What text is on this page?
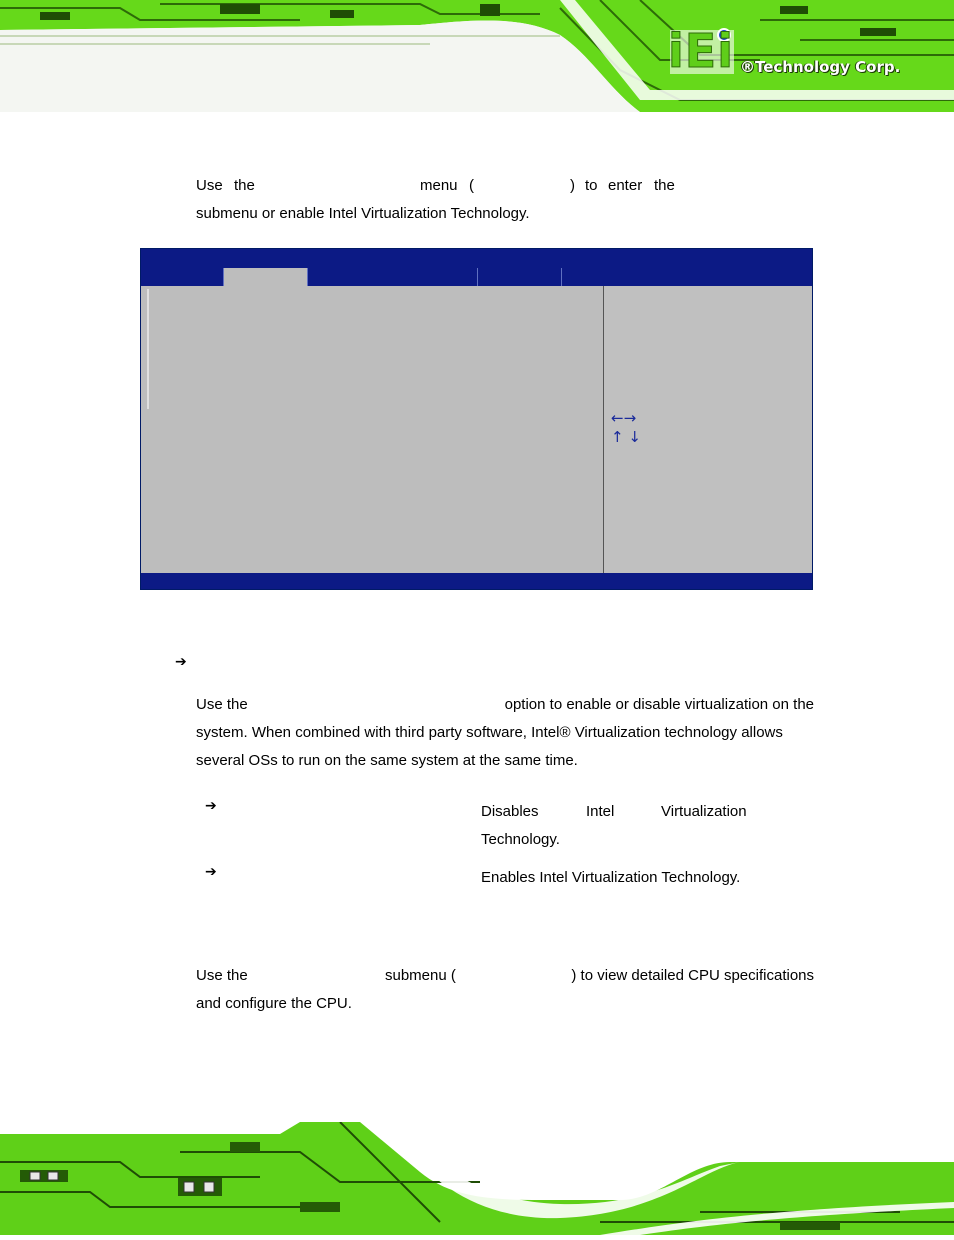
iEi ®Technology Corp.
Use the	menu (	) to enter the
submenu or enable Intel Virtualization Technology.
←→
↑ ↓
➔
Use the	option to enable or disable virtualization on the
system. When combined with third party software, Intel® Virtualization technology allows
several OSs to run on the same system at the same time.
➔	Disables	Intel	Virtualization
Technology.
➔	Enables Intel Virtualization Technology.
Use the	submenu (	) to view detailed CPU specifications
and configure the CPU.
